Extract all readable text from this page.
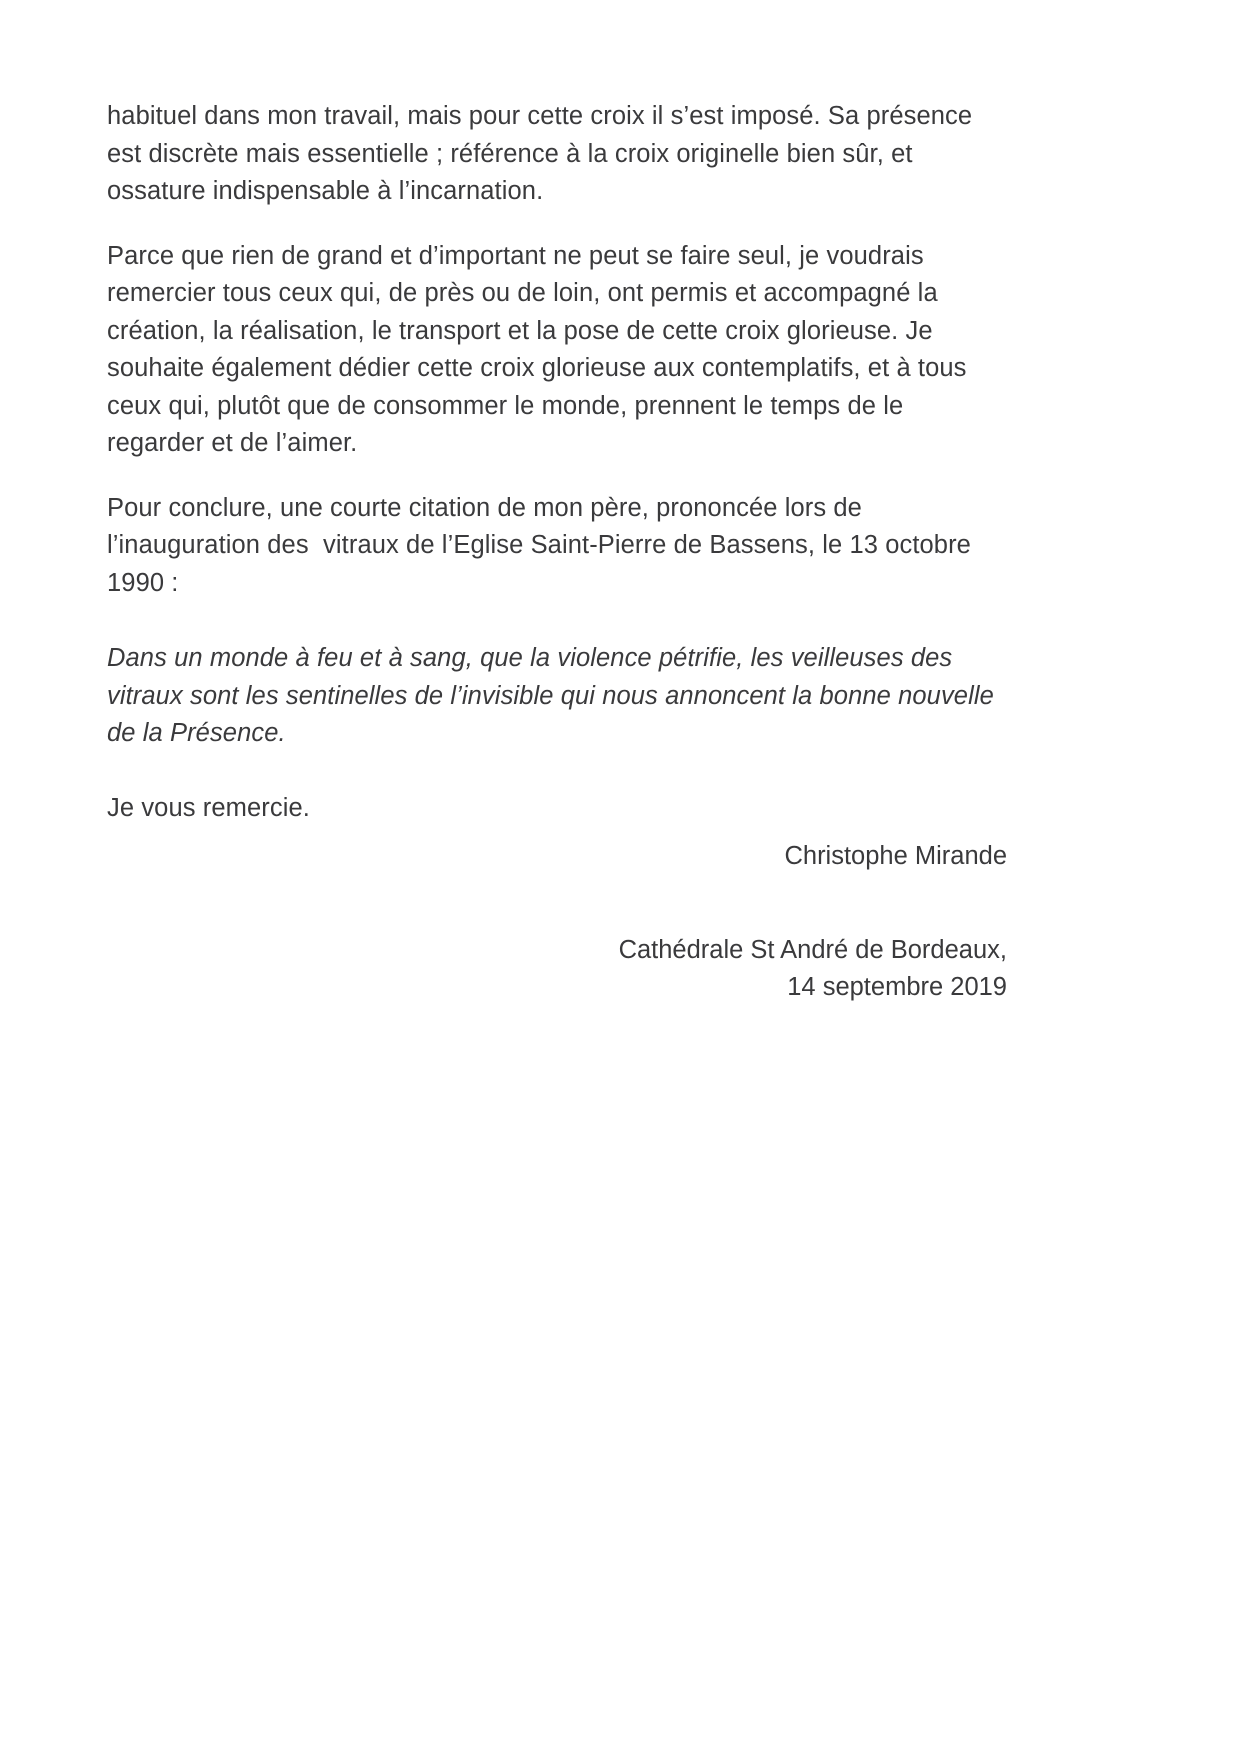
habituel dans mon travail, mais pour cette croix il s’est imposé. Sa présence est discrète mais essentielle ; référence à la croix originelle bien sûr, et ossature indispensable à l’incarnation.

Parce que rien de grand et d’important ne peut se faire seul, je voudrais remercier tous ceux qui, de près ou de loin, ont permis et accompagné la création, la réalisation, le transport et la pose de cette croix glorieuse. Je souhaite également dédier cette croix glorieuse aux contemplatifs, et à tous ceux qui, plutôt que de consommer le monde, prennent le temps de le regarder et de l’aimer.

Pour conclure, une courte citation de mon père, prononcée lors de l’inauguration des  vitraux de l’Eglise Saint-Pierre de Bassens, le 13 octobre 1990 :

Dans un monde à feu et à sang, que la violence pétrifie, les veilleuses des vitraux sont les sentinelles de l’invisible qui nous annoncent la bonne nouvelle de la Présence.

Je vous remercie.

Christophe Mirande

Cathédrale St André de Bordeaux,

14 septembre 2019
